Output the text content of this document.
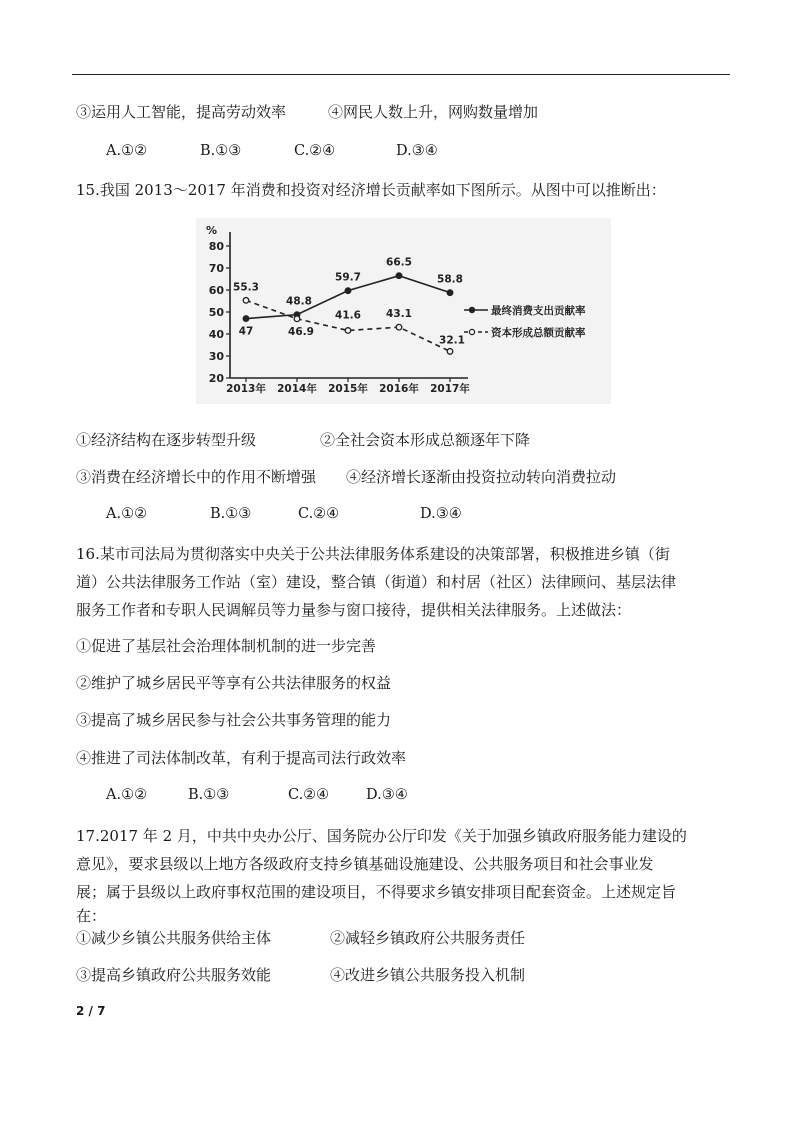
③运用人工智能，提高劳动效率	④网民人数上升，网购数量增加
A.①②	B.①③	C.②④	D.③④
15.我国 2013～2017 年消费和投资对经济增长贡献率如下图所示。从图中可以推断出：
%
20
30
40
50
60
70
80
2013年 2014年 2015年 2016年 2017年
47
48.8
59.7
66.5
58.8
55.3
46.9
41.6 43.1
32.1
最终消费支出贡献率
资本形成总额贡献率
①经济结构在逐步转型升级	②全社会资本形成总额逐年下降
③消费在经济增长中的作用不断增强 ④经济增长逐渐由投资拉动转向消费拉动
A.①②	B.①③	C.②④	D.③④
16.某市司法局为贯彻落实中央关于公共法律服务体系建设的决策部署，积极推进乡镇（街
道）公共法律服务工作站（室）建设，整合镇（街道）和村居（社区）法律顾问、基层法律
服务工作者和专职人民调解员等力量参与窗口接待，提供相关法律服务。上述做法：
①促进了基层社会治理体制机制的进一步完善
②维护了城乡居民平等享有公共法律服务的权益
③提高了城乡居民参与社会公共事务管理的能力
④推进了司法体制改革，有利于提高司法行政效率
A.①②	B.①③	C.②④	D.③④
17.2017 年 2 月，中共中央办公厅、国务院办公厅印发《关于加强乡镇政府服务能力建设的
意见》，要求县级以上地方各级政府支持乡镇基础设施建设、公共服务项目和社会事业发
展；属于县级以上政府事权范围的建设项目，不得要求乡镇安排项目配套资金。上述规定旨
在：
①减少乡镇公共服务供给主体	②减轻乡镇政府公共服务责任
③提高乡镇政府公共服务效能	④改进乡镇公共服务投入机制
2 / 7
